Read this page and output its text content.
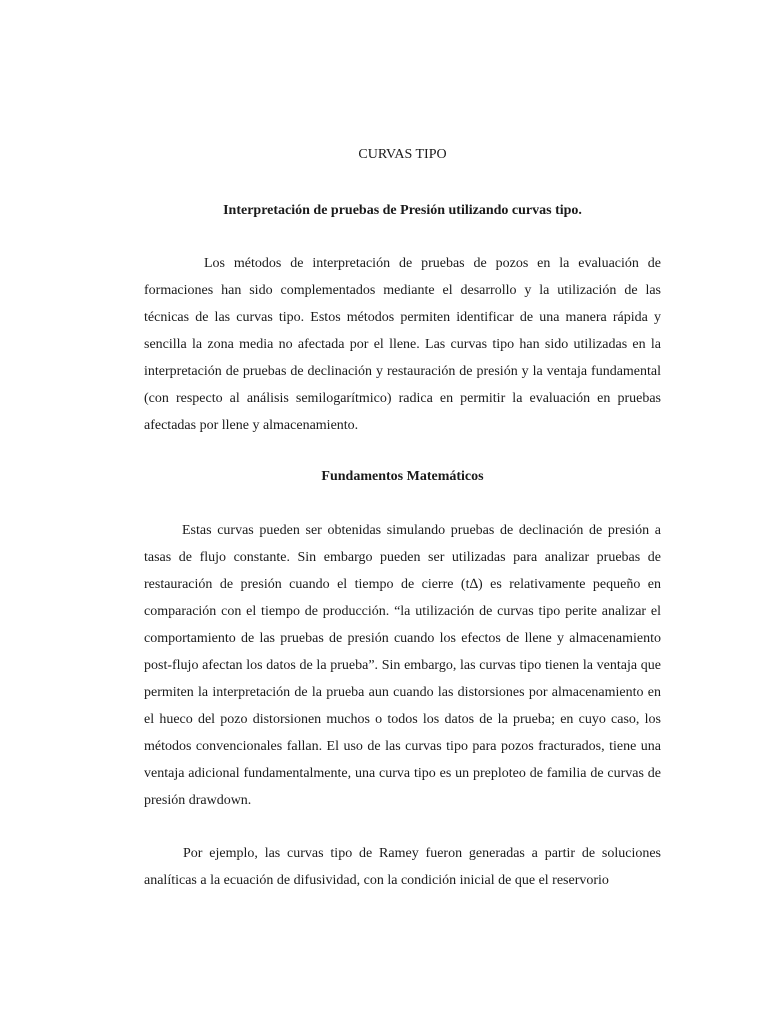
CURVAS TIPO
Interpretación de pruebas de Presión utilizando curvas tipo.

Los métodos de interpretación de pruebas de pozos en la evaluación de formaciones han sido complementados mediante el desarrollo y la utilización de las técnicas de las curvas tipo. Estos métodos permiten identificar de una manera rápida y sencilla la zona media no afectada por el llene. Las curvas tipo han sido utilizadas en la interpretación de pruebas de declinación y restauración de presión y la ventaja fundamental (con respecto al análisis semilogarítmico) radica en permitir la evaluación en pruebas afectadas por llene y almacenamiento.

Fundamentos Matemáticos

Estas curvas pueden ser obtenidas simulando pruebas de declinación de presión a tasas de flujo constante. Sin embargo pueden ser utilizadas para analizar pruebas de restauración de presión cuando el tiempo de cierre (t∆) es relativamente pequeño en comparación con el tiempo de producción. “la utilización de curvas tipo perite analizar el comportamiento de las pruebas de presión cuando los efectos de llene y almacenamiento post-flujo afectan los datos de la prueba”. Sin embargo, las curvas tipo tienen la ventaja que permiten la interpretación de la prueba aun cuando las distorsiones por almacenamiento en el hueco del pozo distorsionen muchos o todos los datos de la prueba; en cuyo caso, los métodos convencionales fallan. El uso de las curvas tipo para pozos fracturados, tiene una ventaja adicional fundamentalmente, una curva tipo es un preploteo de familia de curvas de presión drawdown.

Por ejemplo, las curvas tipo de Ramey fueron generadas a partir de soluciones analíticas a la ecuación de difusividad, con la condición inicial de que el reservorio
